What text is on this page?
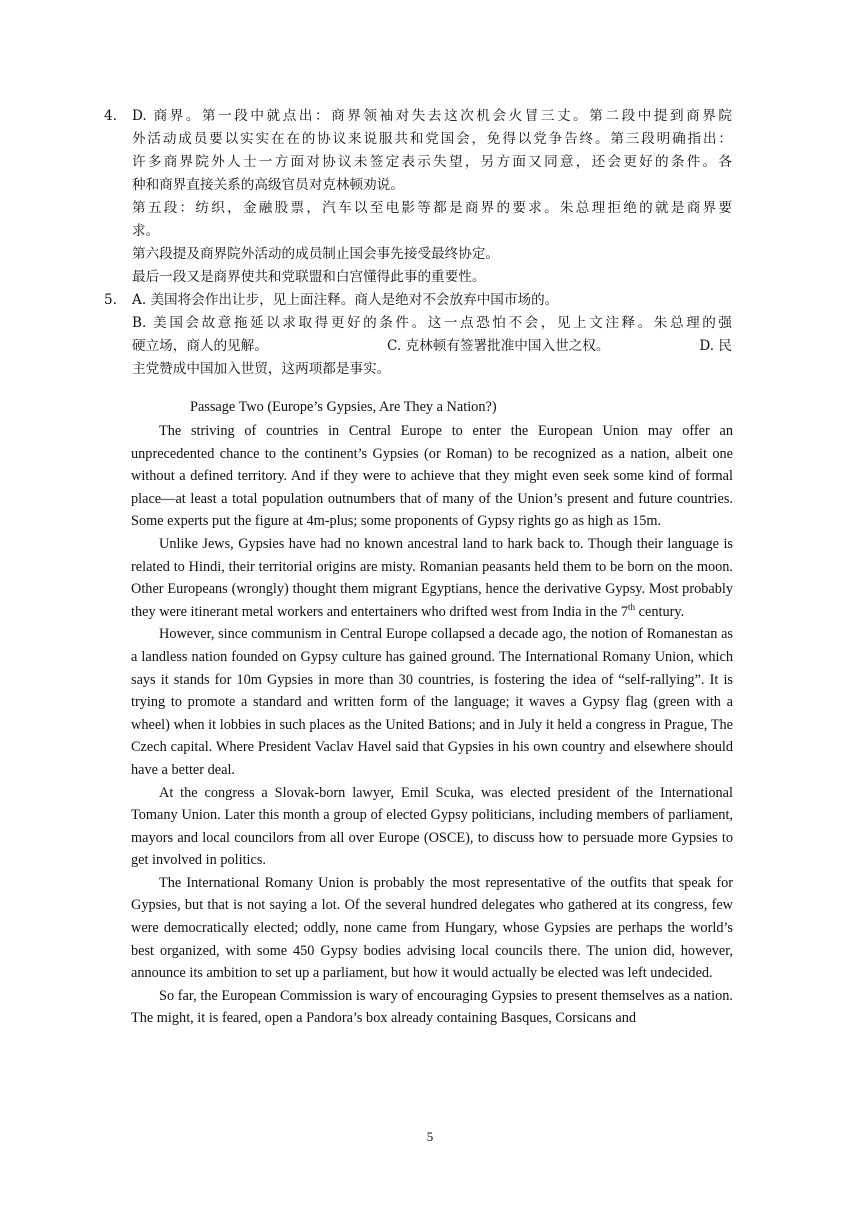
4. D. 商界。第一段中就点出：商界领袖对失去这次机会火冒三丈。第二段中提到商界院
外活动成员要以实实在在的协议来说服共和党国会，免得以党争告终。第三段明确指出：
许多商界院外人士一方面对协议未签定表示失望，另方面又同意，还会更好的条件。各
种和商界直接关系的高级官员对克林顿劝说。
第五段：纺织，金融股票，汽车以至电影等都是商界的要求。朱总理拒绝的就是商界要
求。
第六段提及商界院外活动的成员制止国会事先接受最终协定。
最后一段又是商界使共和党联盟和白宫懂得此事的重要性。
5. A. 美国将会作出让步，见上面注释。商人是绝对不会放弃中国市场的。
B. 美国会故意拖延以求取得更好的条件。这一点恐怕不会，见上文注释。朱总理的强
硬立场，商人的见解。	C. 克林顿有签署批准中国入世之权。	D. 民
主党赞成中国加入世贸，这两项都是事实。
Passage Two (Europe’s Gypsies, Are They a Nation?)

The striving of countries in Central Europe to enter the European Union may offer an unprecedented chance to the continent’s Gypsies (or Roman) to be recognized as a nation, albeit one without a defined territory. And if they were to achieve that they might even seek some kind of formal place—at least a total population outnumbers that of many of the Union’s present and future countries. Some experts put the figure at 4m-plus; some proponents of Gypsy rights go as high as 15m.

Unlike Jews, Gypsies have had no known ancestral land to hark back to. Though their language is related to Hindi, their territorial origins are misty. Romanian peasants held them to be born on the moon. Other Europeans (wrongly) thought them migrant Egyptians, hence the derivative Gypsy. Most probably they were itinerant metal workers and entertainers who drifted west from India in the 7th century.

However, since communism in Central Europe collapsed a decade ago, the notion of Romanestan as a landless nation founded on Gypsy culture has gained ground. The International Romany Union, which says it stands for 10m Gypsies in more than 30 countries, is fostering the idea of “self-rallying”. It is trying to promote a standard and written form of the language; it waves a Gypsy flag (green with a wheel) when it lobbies in such places as the United Bations; and in July it held a congress in Prague, The Czech capital. Where President Vaclav Havel said that Gypsies in his own country and elsewhere should have a better deal.

At the congress a Slovak-born lawyer, Emil Scuka, was elected president of the International Tomany Union. Later this month a group of elected Gypsy politicians, including members of parliament, mayors and local councilors from all over Europe (OSCE), to discuss how to persuade more Gypsies to get involved in politics.

The International Romany Union is probably the most representative of the outfits that speak for Gypsies, but that is not saying a lot. Of the several hundred delegates who gathered at its congress, few were democratically elected; oddly, none came from Hungary, whose Gypsies are perhaps the world’s best organized, with some 450 Gypsy bodies advising local councils there. The union did, however, announce its ambition to set up a parliament, but how it would actually be elected was left undecided.

So far, the European Commission is wary of encouraging Gypsies to present themselves as a nation. The might, it is feared, open a Pandora’s box already containing Basques, Corsicans and

5
